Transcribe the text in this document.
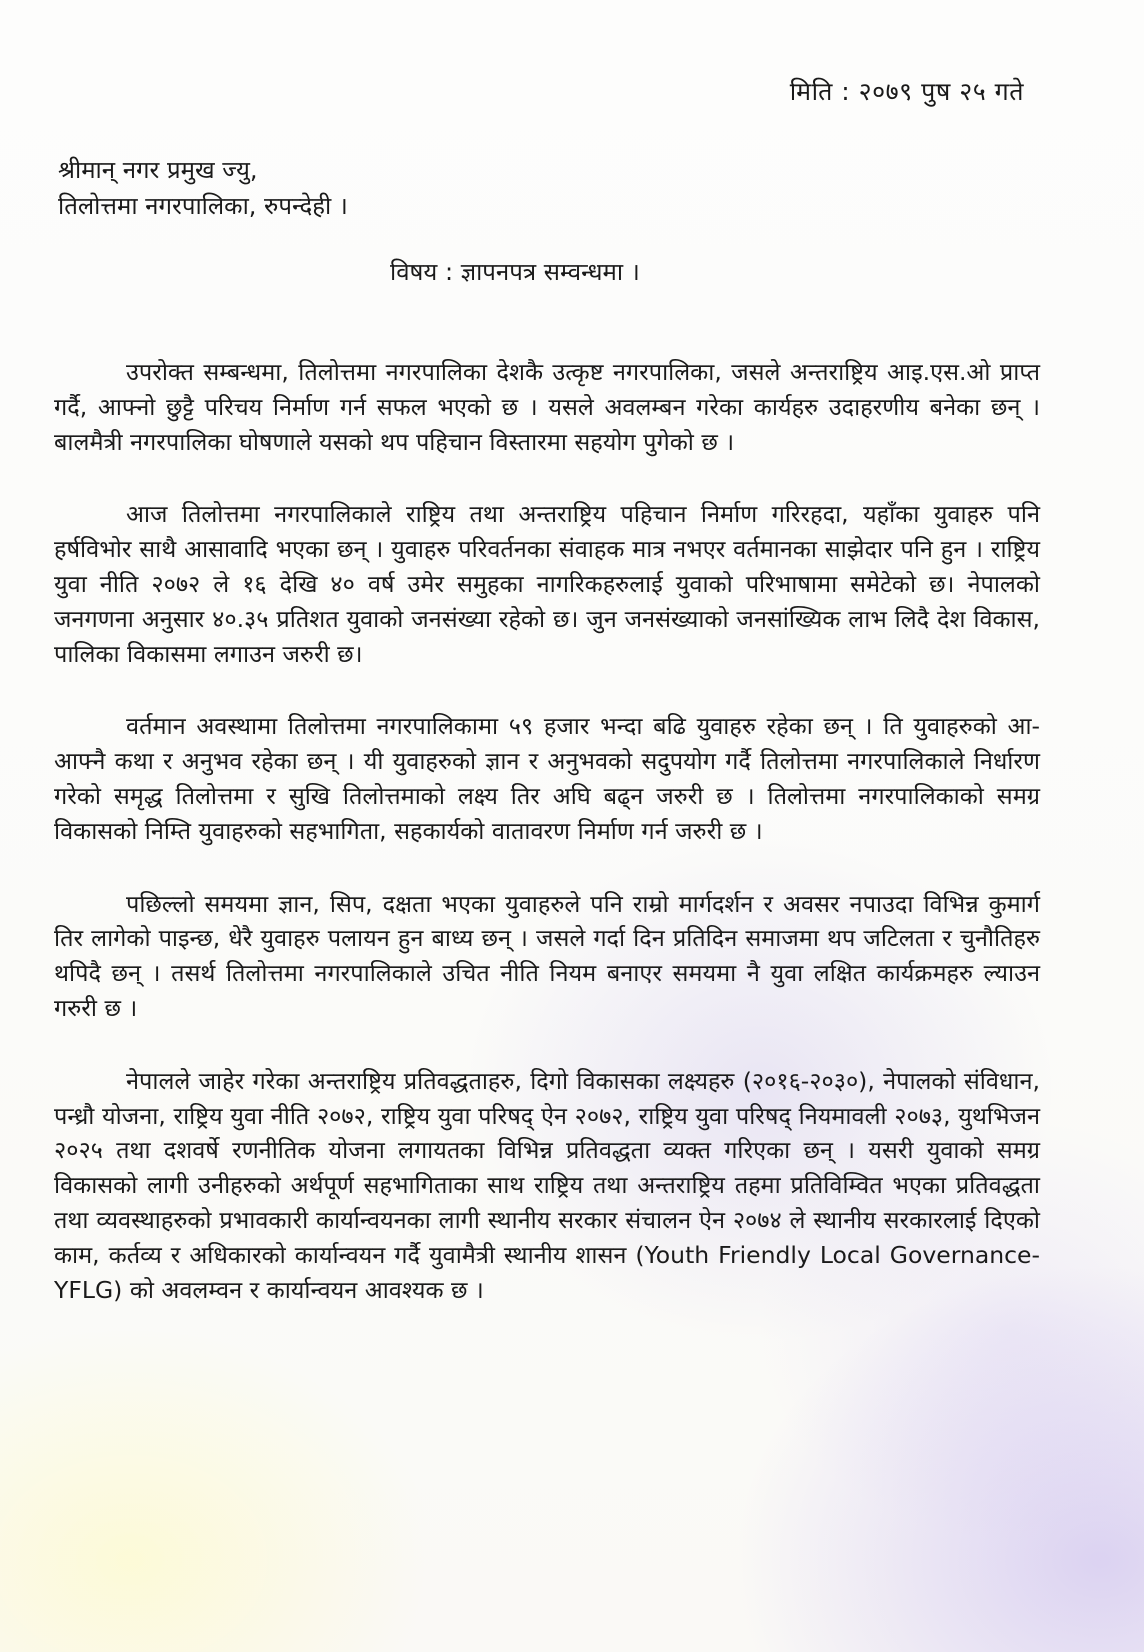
मिति : २०७९ पुष २५ गते
श्रीमान् नगर प्रमुख ज्यु,
तिलोत्तमा नगरपालिका, रुपन्देही ।
विषय : ज्ञापनपत्र सम्वन्धमा ।

उपरोक्त सम्बन्धमा, तिलोत्तमा नगरपालिका देशकै उत्कृष्ट नगरपालिका, जसले अन्तराष्ट्रिय आइ.एस.ओ प्राप्त गर्दै, आफ्नो छुट्टै परिचय निर्माण गर्न सफल भएको छ । यसले अवलम्बन गरेका कार्यहरु उदाहरणीय बनेका छन् । बालमैत्री नगरपालिका घोषणाले यसको थप पहिचान विस्तारमा सहयोग पुगेको छ ।

आज तिलोत्तमा नगरपालिकाले राष्ट्रिय तथा अन्तराष्ट्रिय पहिचान निर्माण गरिरहदा, यहाँका युवाहरु पनि हर्षविभोर साथै आसावादि भएका छन् । युवाहरु परिवर्तनका संवाहक मात्र नभएर वर्तमानका साझेदार पनि हुन । राष्ट्रिय युवा नीति २०७२ ले १६ देखि ४० वर्ष उमेर समुहका नागरिकहरुलाई युवाको परिभाषामा समेटेको छ। नेपालको जनगणना अनुसार ४०.३५ प्रतिशत युवाको जनसंख्या रहेको छ। जुन जनसंख्याको जनसांख्यिक लाभ लिदै देश विकास, पालिका विकासमा लगाउन जरुरी छ।

वर्तमान अवस्थामा तिलोत्तमा नगरपालिकामा ५९ हजार भन्दा बढि युवाहरु रहेका छन् । ति युवाहरुको आ-आफ्नै कथा र अनुभव रहेका छन् । यी युवाहरुको ज्ञान र अनुभवको सदुपयोग गर्दै तिलोत्तमा नगरपालिकाले निर्धारण गरेको समृद्ध तिलोत्तमा र सुखि तिलोत्तमाको लक्ष्य तिर अघि बढ्न जरुरी छ । तिलोत्तमा नगरपालिकाको समग्र विकासको निम्ति युवाहरुको सहभागिता, सहकार्यको वातावरण निर्माण गर्न जरुरी छ ।

पछिल्लो समयमा ज्ञान, सिप, दक्षता भएका युवाहरुले पनि राम्रो मार्गदर्शन र अवसर नपाउदा विभिन्न कुमार्ग तिर लागेको पाइन्छ, धेरै युवाहरु पलायन हुन बाध्य छन् । जसले गर्दा दिन प्रतिदिन समाजमा थप जटिलता र चुनौतिहरु थपिदै छन् । तसर्थ तिलोत्तमा नगरपालिकाले उचित नीति नियम बनाएर समयमा नै युवा लक्षित कार्यक्रमहरु ल्याउन गरुरी छ ।

नेपालले जाहेर गरेका अन्तराष्ट्रिय प्रतिवद्धताहरु, दिगो विकासका लक्ष्यहरु (२०१६-२०३०), नेपालको संविधान, पन्ध्रौ योजना, राष्ट्रिय युवा नीति २०७२, राष्ट्रिय युवा परिषद् ऐन २०७२, राष्ट्रिय युवा परिषद् नियमावली २०७३, युथभिजन २०२५ तथा दशवर्षे रणनीतिक योजना लगायतका विभिन्न प्रतिवद्धता व्यक्त गरिएका छन् । यसरी युवाको समग्र विकासको लागी उनीहरुको अर्थपूर्ण सहभागिताका साथ राष्ट्रिय तथा अन्तराष्ट्रिय तहमा प्रतिविम्वित भएका प्रतिवद्धता तथा व्यवस्थाहरुको प्रभावकारी कार्यान्वयनका लागी स्थानीय सरकार संचालन ऐन २०७४ ले स्थानीय सरकारलाई दिएको काम, कर्तव्य र अधिकारको कार्यान्वयन गर्दै युवामैत्री स्थानीय शासन (Youth Friendly Local Governance-YFLG) को अवलम्वन र कार्यान्वयन आवश्यक छ ।
